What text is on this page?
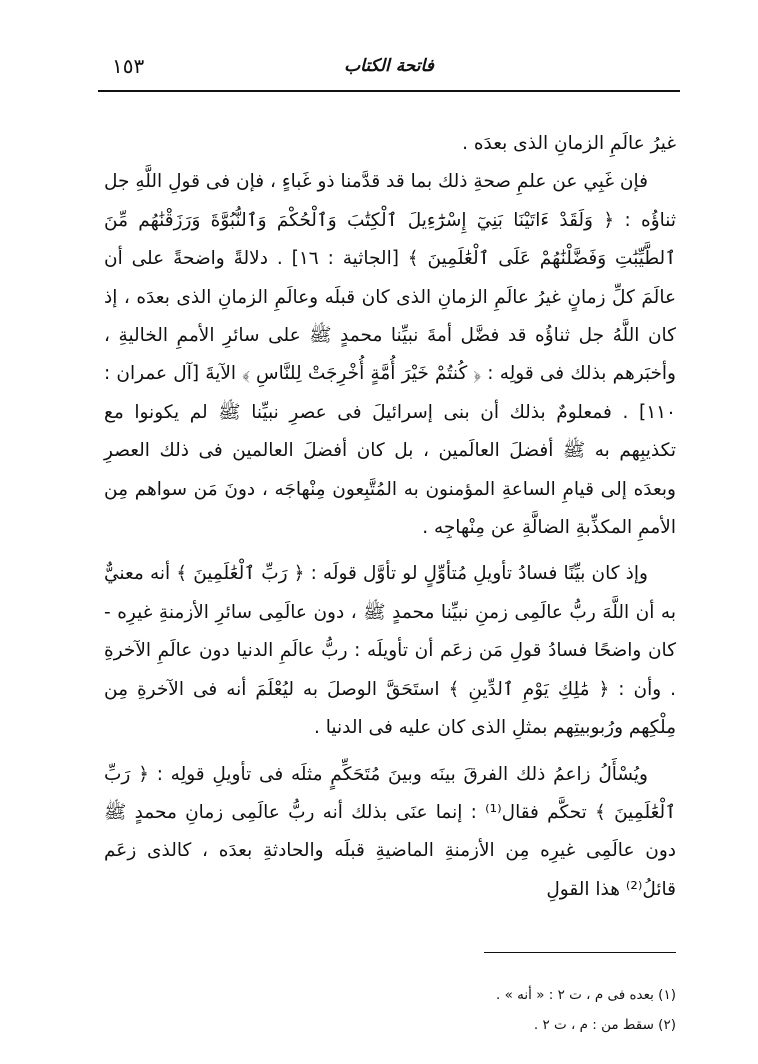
١٥٣	فاتحة الكتاب

غيرُ عالَمِ الزمانِ الذى بعدَه .

فإن غَبِي عن علمِ صحةِ ذلك بما قد قدَّمنا ذو غَباءٍ ، فإن فى قولِ اللَّهِ جل ثناؤُه : ﴿ وَلَقَدْ ءَاتَيْنَا بَنِيٓ إِسْرَٰٓءِيلَ ٱلْكِتَٰبَ وَٱلْحُكْمَ وَٱلنُّبُوَّةَ وَرَزَقْنَٰهُم مِّنَ ٱلطَّيِّبَٰتِ وَفَضَّلْنَٰهُمْ عَلَى ٱلْعَٰلَمِينَ ﴾ [الجاثية : ١٦] . دلالةً واضحةً على أن عالَمَ كلِّ زمانٍ غيرُ عالَمِ الزمانِ الذى كان قبلَه وعالَمِ الزمانِ الذى بعدَه ، إذ كان اللَّهُ جل ثناؤُه قد فضَّل أمةَ نبيِّنا محمدٍ ﷺ على سائرِ الأممِ الخاليةِ ، وأخبَرهم بذلك فى قولِه : ﴿ كُنتُمْ خَيْرَ أُمَّةٍ أُخْرِجَتْ لِلنَّاسِ ﴾ الآيةَ [آل عمران : ١١٠] . فمعلومٌ بذلك أن بنى إسرائيلَ فى عصرِ نبيِّنا ﷺ لم يكونوا مع تكذيبِهم به ﷺ أفضلَ العالَمين ، بل كان أفضلَ العالمين فى ذلك العصرِ وبعدَه إلى قيامِ الساعةِ المؤمنون به المُتَّبِعون مِنْهاجَه ، دونَ مَن سواهم مِن الأممِ المكذِّبةِ الضالَّةِ عن مِنْهاجِه .

وإذ كان بيِّنًا فسادُ تأويلِ مُتأوِّلٍ لو تأوَّل قولَه : ﴿ رَبِّ ٱلْعَٰلَمِينَ ﴾ أنه معنيٌّ به أن اللَّهَ ربُّ عالَمِى زمنِ نبيِّنا محمدٍ ﷺ ، دون عالَمِى سائرِ الأزمنةِ غيرِه - كان واضحًا فسادُ قولِ مَن زعَم أن تأويلَه : ربُّ عالَمِ الدنيا دون عالَمِ الآخرةِ . وأن : ﴿ مَٰلِكِ يَوْمِ ٱلدِّينِ ﴾ استَحَقَّ الوصلَ به ليُعْلَمَ أنه فى الآخرةِ مِن مِلْكِهم ورُبوبيتِهم بمثلِ الذى كان عليه فى الدنيا .

ويُسْأَلُ زاعمُ ذلك الفرقَ بينَه وبينَ مُتَحَكِّمٍ مثلَه فى تأويلِ قولِه : ﴿ رَبِّ ٱلْعَٰلَمِينَ ﴾ تحكَّم فقال⁽¹⁾ : إنما عنَى بذلك أنه ربُّ عالَمِى زمانِ محمدٍ ﷺ دون عالَمِى غيرِه مِن الأزمنةِ الماضيةِ قبلَه والحادثةِ بعدَه ، كالذى زعَم قائلُ⁽²⁾ هذا القولِ

(١) بعده فى م ، ت ٢ : « أنه » .

(٢) سقط من : م ، ت ٢ .
